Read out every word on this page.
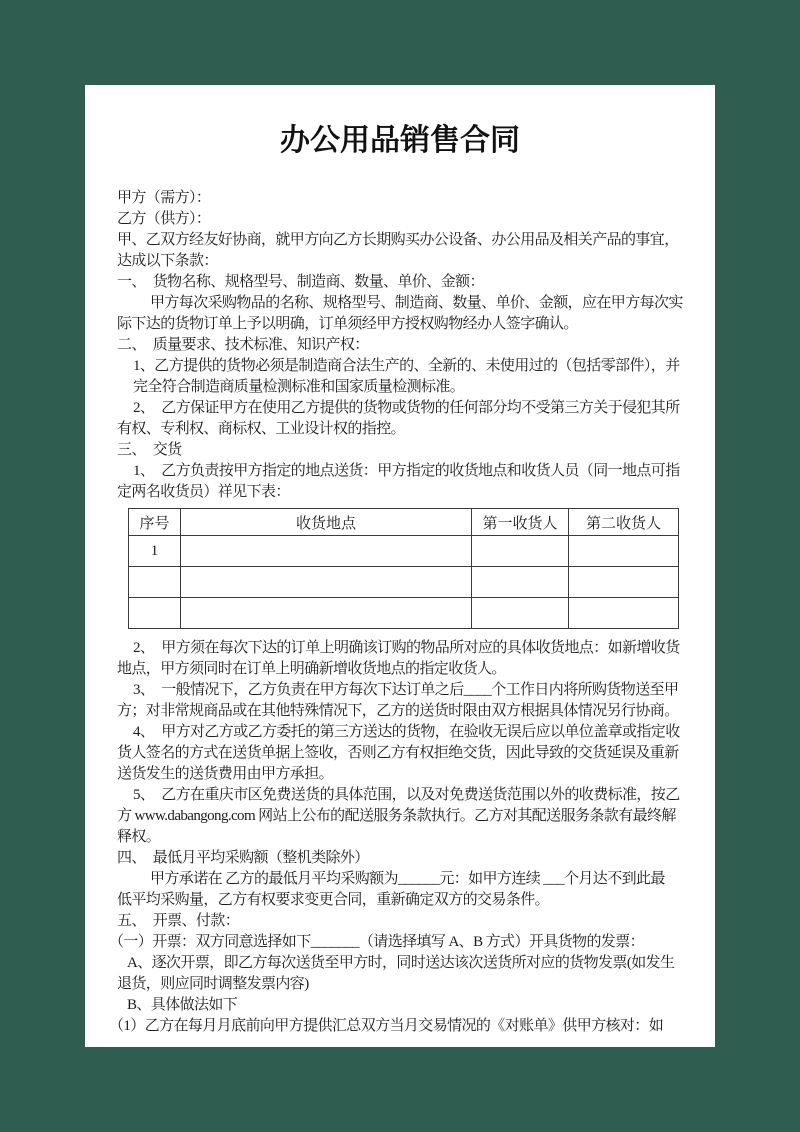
办公用品销售合同
甲方（需方）：
乙方（供方）：
甲、乙双方经友好协商，就甲方向乙方长期购买办公设备、办公用品及相关产品的事宜，
达成以下条款：
一、　货物名称、规格型号、制造商、数量、单价、金额：
甲方每次采购物品的名称、规格型号、制造商、数量、单价、金额，应在甲方每次实
际下达的货物订单上予以明确，订单须经甲方授权购物经办人签字确认。
二、　质量要求、技术标准、知识产权：
1、乙方提供的货物必须是制造商合法生产的、全新的、未使用过的（包括零部件），并
完全符合制造商质量检测标准和国家质量检测标准。
2、　乙方保证甲方在使用乙方提供的货物或货物的任何部分均不受第三方关于侵犯其所
有权、专利权、商标权、工业设计权的指控。
三、　交货
1、　乙方负责按甲方指定的地点送货：甲方指定的收货地点和收货人员（同一地点可指
定两名收货员）祥见下表：
序号	收货地点	第一收货人	第二收货人
1			

2、　甲方须在每次下达的订单上明确该订购的物品所对应的具体收货地点：如新增收货
地点，甲方须同时在订单上明确新增收货地点的指定收货人。
3、　一般情况下，乙方负责在甲方每次下达订单之后____个工作日内将所购货物送至甲
方；对非常规商品或在其他特殊情况下，乙方的送货时限由双方根据具体情况另行协商。
4、　甲方对乙方或乙方委托的第三方送达的货物，在验收无误后应以单位盖章或指定收
货人签名的方式在送货单据上签收，否则乙方有权拒绝交货，因此导致的交货延误及重新
送货发生的送货费用由甲方承担。
5、　乙方在重庆市区免费送货的具体范围，以及对免费送货范围以外的收费标准，按乙
方 www.dabangong.com 网站上公布的配送服务条款执行。乙方对其配送服务条款有最终解
释权。
四、　最低月平均采购额（整机类除外）
甲方承诺在 乙方的最低月平均采购额为______元：如甲方连续 ___个月达不到此最
低平均采购量，乙方有权要求变更合同，重新确定双方的交易条件。
五、　开票、付款：
（一）开票：双方同意选择如下_______（请选择填写 A、B 方式）开具货物的发票：
A、逐次开票，即乙方每次送货至甲方时，同时送达该次送货所对应的货物发票(如发生
退货，则应同时调整发票内容)
B、具体做法如下
（1）乙方在每月月底前向甲方提供汇总双方当月交易情况的《对账单》供甲方核对：如
